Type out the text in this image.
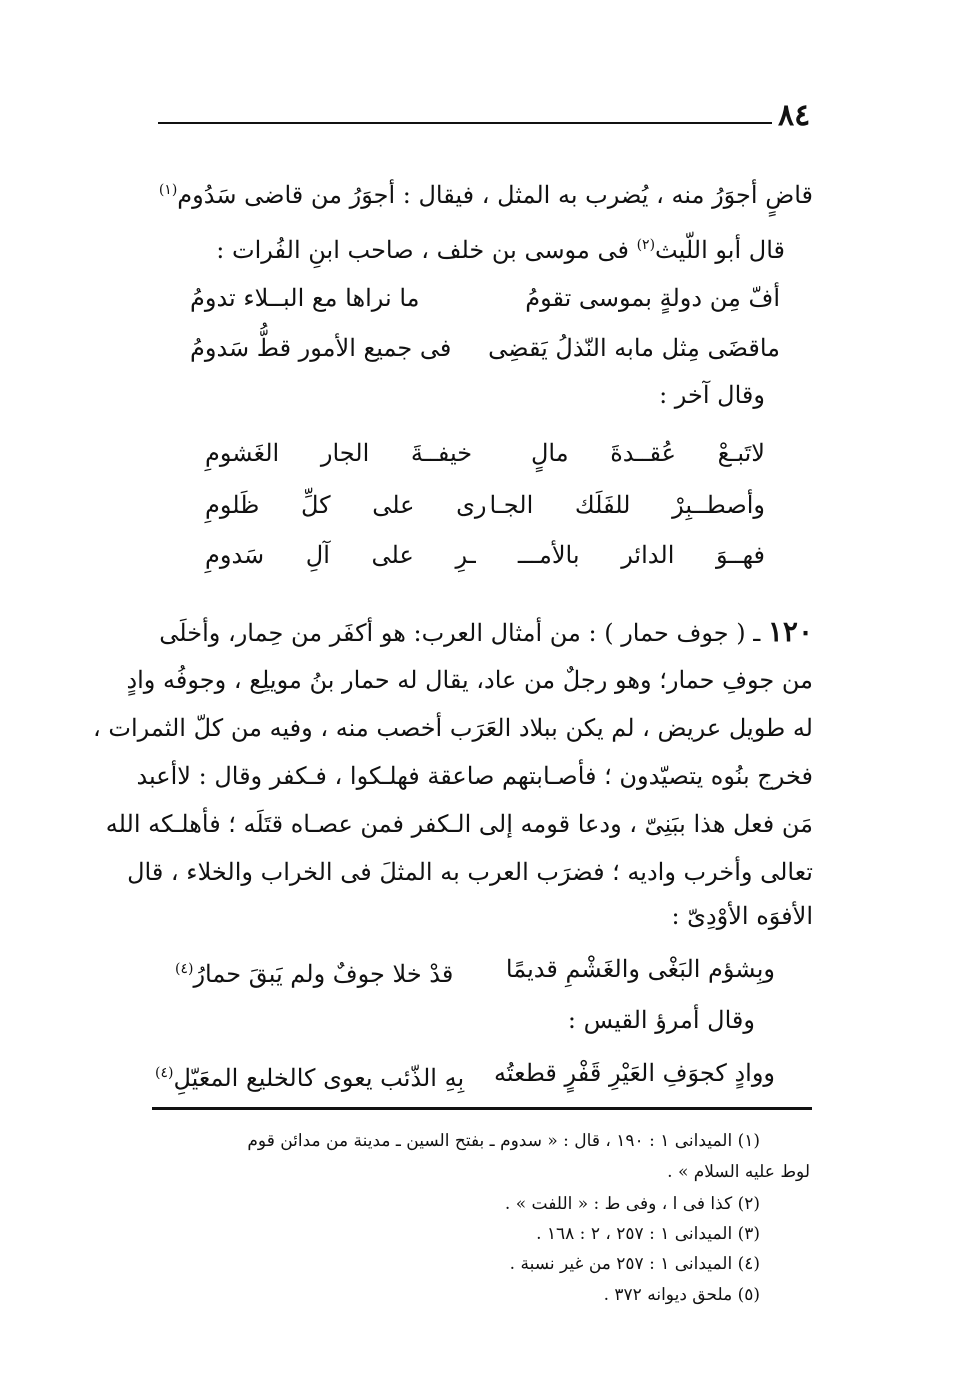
٨٤
قاضٍ أجوَرُ منه ، يُضرب به المثل ، فيقال : أجوَرُ من قاضى سَدُوم$^{(١)}$
قال أبو اللّيث$^{(٢)}$ فى موسى بن خلف ، صاحب ابنِ الفُرات :
أفّ مِن دولةٍ بموسى تقومُ
ما نراها مع البــلاء تدومُ
ماقضَى مِثل مابه النّذلُ يَقضِى
فى جميع الأمور قطُّ سَدومُ
وقال آخر :
لاتَبـعْ عُقــدةَ مالٍ
خيفــةَ الجار الغَشومِ
وأصطــبِرْ للفَلَك الجـا
رى على كلِّ ظَلومِ
فهــوَ الدائر بالأمـــ
ـرِ على آلِ سَدومِ
١٢٠ ـ ( جوف حمار ) : من أمثال العرب: هو أكفَر من حِمار، وأخلَى
من جوفِ حمار؛ وهو رجلٌ من عاد، يقال له حمار بنُ مويلِع ، وجوفُه وادٍ
له طويل عريض ، لم يكن ببلاد العَرَب أخصب منه ، وفيه من كلّ الثمرات ،
فخرج بنُوه يتصيّدون ؛ فأصـابتهم صاعقة فهلـكوا ، فـكفر وقال : لاأعبد
مَن فعل هذا ببَنِىّ ، ودعا قومه إلى الـكفر فمن عصـاه قتَلَه ؛ فأهلـكه الله
تعالى وأخرب واديه ؛ فضرَب العرب به المثلَ فى الخراب والخلاء ، قال
الأفوَه الأوْدِىّ :
وبِشؤم البَغْى والغَشْمِ قديمًا
قدْ خلا جوفٌ ولم يَبقَ حمارُ$^{(٤)}$
وقال أمرؤ القيس :
ووادٍ كجوَفِ العَيْرِ قَفْرٍ قطعتُه
بِهِ الذّئب يعوى كالخليع المعَيّلِ$^{(٤)}$
(١) الميدانى ١ : ١٩٠ ، قال : « سدوم ـ بفتح السين ـ مدينة من مدائن قوم
لوط عليه السلام » .
(٢) كذا فى ا ، وفى ط : « اللفت » .
(٣) الميدانى ١ : ٢٥٧ ، ٢ : ١٦٨ .
(٤) الميدانى ١ : ٢٥٧ من غير نسبة .
(٥) ملحق ديوانه ٣٧٢ .
